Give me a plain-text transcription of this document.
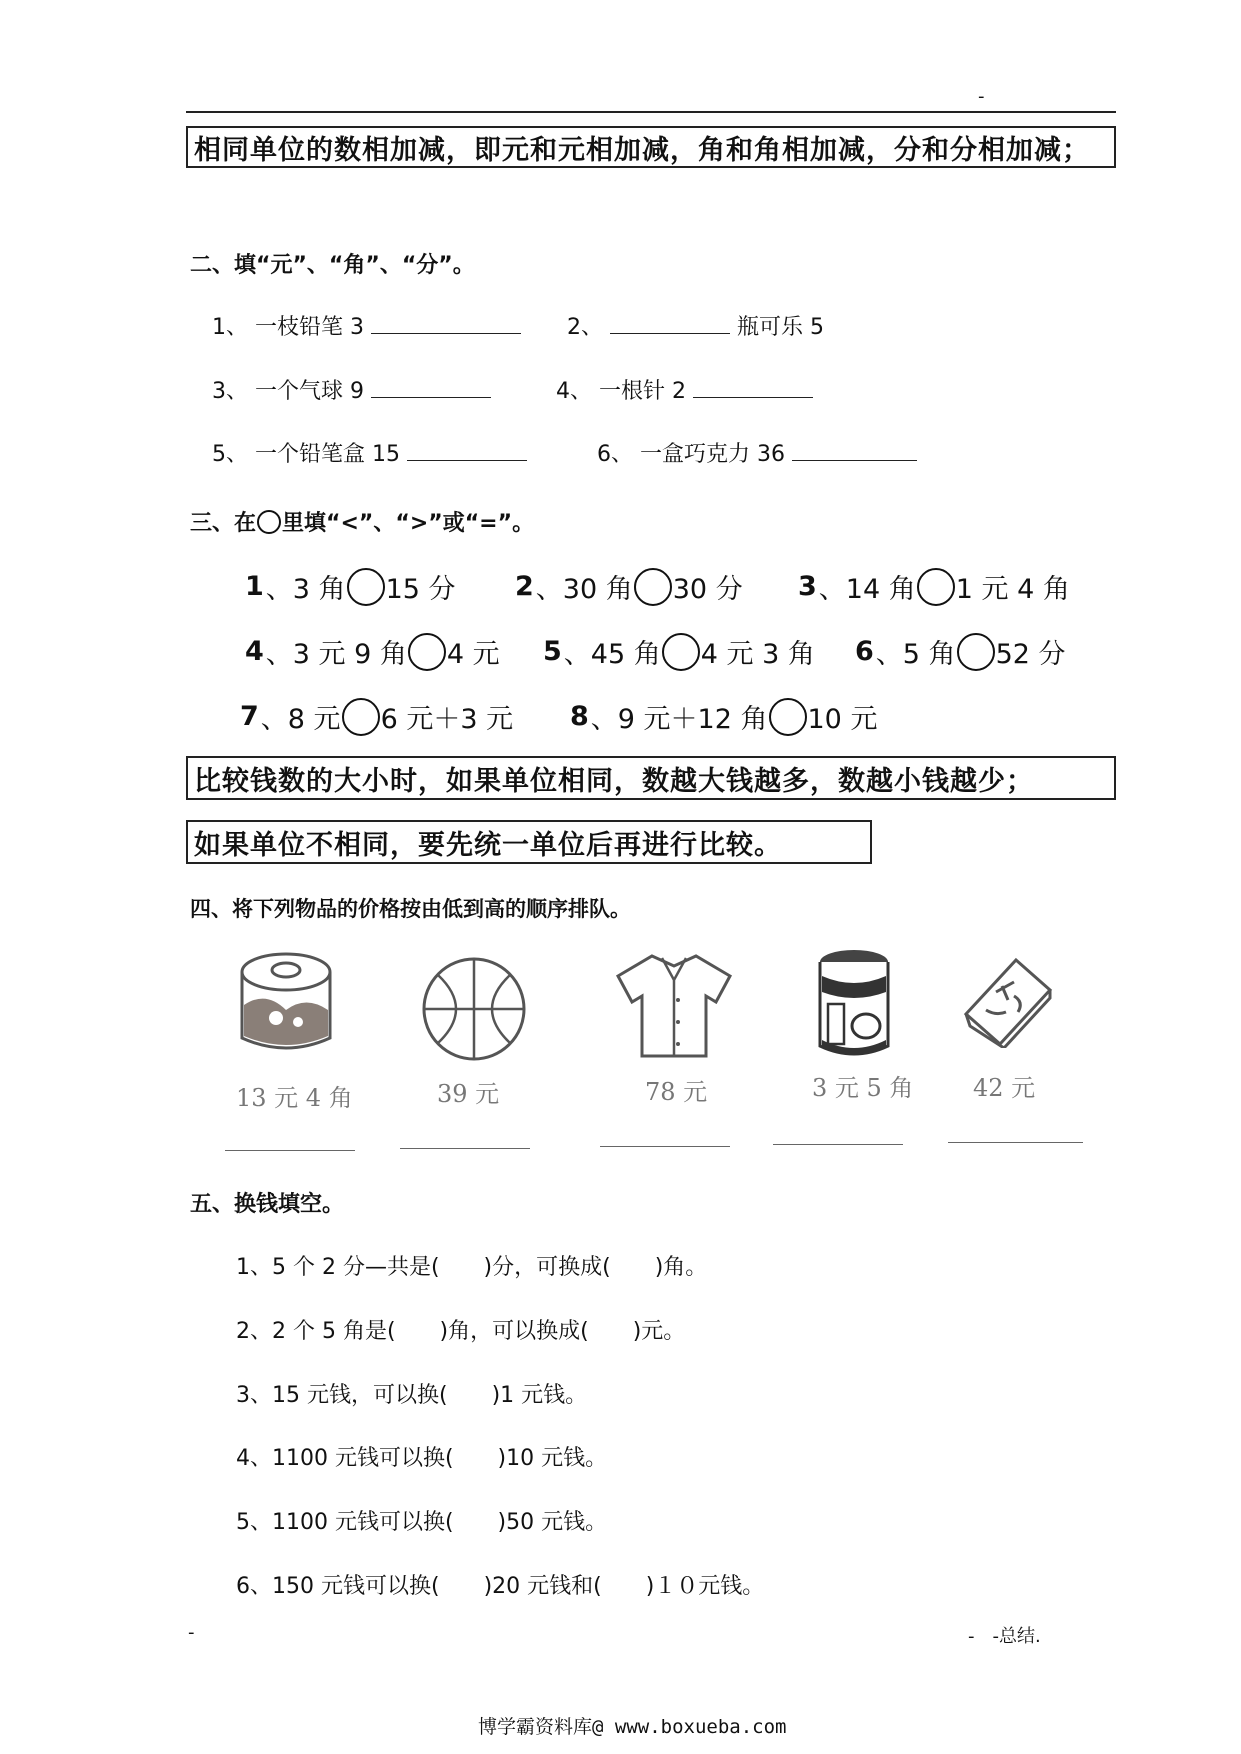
-
相同单位的数相加减，即元和元相加减，角和角相加减，分和分相加减；
二、填“元”、“角”、“分”。
1、 一枝铅笔 3	2、	瓶可乐 5
3、 一个气球 9	4、 一根针 2
5、 一个铅笔盒 15	6、 一盒巧克力 36
三、在 里填“<”、“>”或“=”。
1 、3 角 15 分 2 、30 角 30 分 3 、14 角 1 元 4 角
4 、3 元 9 角 4 元 5 、45 角 4 元 3 角 6 、5 角 52 分
7 、8 元 6 元＋3 元 8 、9 元＋12 角 10 元
比较钱数的大小时，如果单位相同，数越大钱越多，数越小钱越少；
如果单位不相同，要先统一单位后再进行比较。
四、将下列物品的价格按由低到高的顺序排队。
13 元 4 角	39 元	78 元	3 元 5 角 42 元
五、换钱填空。
1、5 个 2 分—共是(　　)分，可换成(　　)角。
2、2 个 5 角是(　　)角，可以换成(　　)元。
3、15 元钱，可以换(　　)1 元钱。
4、1100 元钱可以换(　　)10 元钱。
5、1100 元钱可以换(　　)50 元钱。
6、150 元钱可以换(　　)20 元钱和(　　)１０元钱。
-	-　-总结.
博学霸资料库@ www.boxueba.com
